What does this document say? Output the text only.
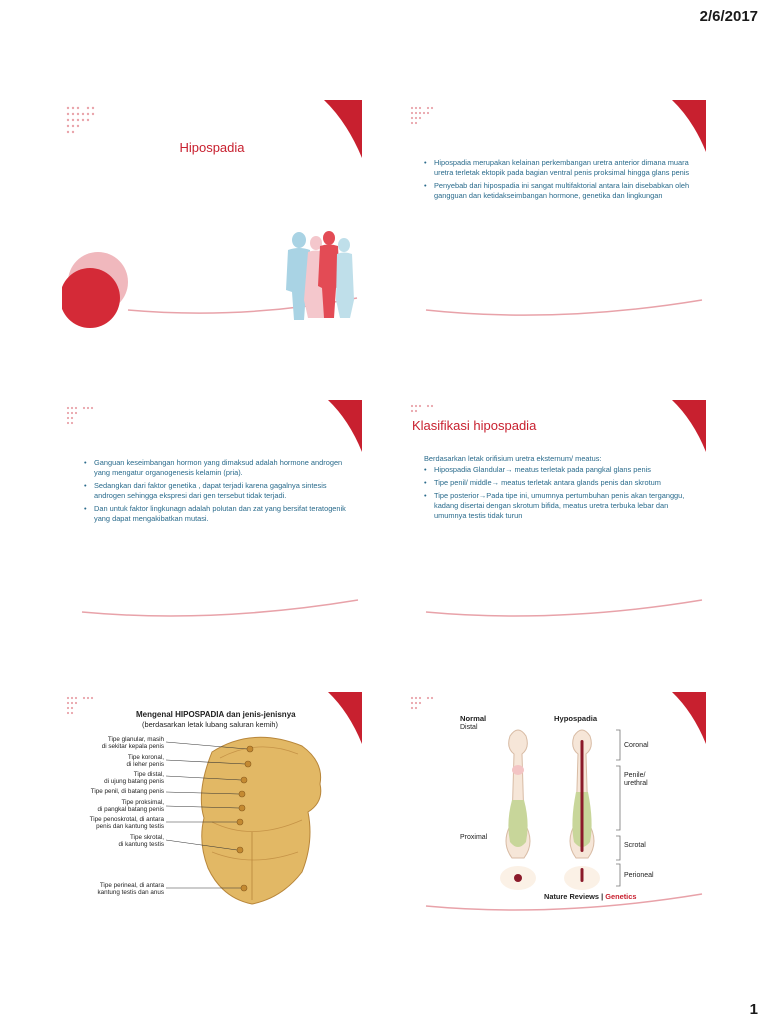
2/6/2017
Hipospadia
• Hipospadia merupakan kelainan perkembangan uretra anterior dimana muara uretra terletak ektopik pada bagian ventral penis proksimal hingga glans penis
• Penyebab dari hipospadia ini sangat multifaktorial antara lain disebabkan oleh gangguan dan ketidakseimbangan hormone, genetika dan lingkungan
• Ganguan keseimbangan hormon yang dimaksud adalah hormone androgen yang mengatur organogenesis kelamin (pria).
• Sedangkan dari faktor genetika , dapat terjadi karena gagalnya sintesis androgen sehingga ekspresi dari gen tersebut tidak terjadi.
• Dan untuk faktor lingkunagn adalah polutan dan zat yang bersifat teratogenik yang dapat mengakibatkan mutasi.
Klasifikasi hipospadia
Berdasarkan letak orifisium uretra eksternum/ meatus:
• Hipospadia Glandular→ meatus terletak pada pangkal glans penis
• Tipe penil/ middle→ meatus terletak antara glands penis dan skrotum
• Tipe posterior→Pada tipe ini, umumnya pertumbuhan penis akan terganggu, kadang disertai dengan skrotum bifida, meatus uretra terbuka lebar dan umumnya testis tidak turun
Mengenal HIPOSPADIA dan jenis-jenisnya
(berdasarkan letak lubang saluran kemih)
Tipe glanular, masih
di sekitar kepala penis
Tipe koronal,
di leher penis
Tipe distal,
di ujung batang penis
Tipe penil, di batang penis
Tipe proksimal,
di pangkal batang penis
Tipe penoskrotal, di antara
penis dan kantung testis
Tipe skrotal,
di kantung testis
Tipe perineal, di antara
kantung testis dan anus
Normal	Hypospadia
Distal
Proximal
Coronal
Penile/
urethral
Scrotal
Perioneal
Nature Reviews | Genetics
1
